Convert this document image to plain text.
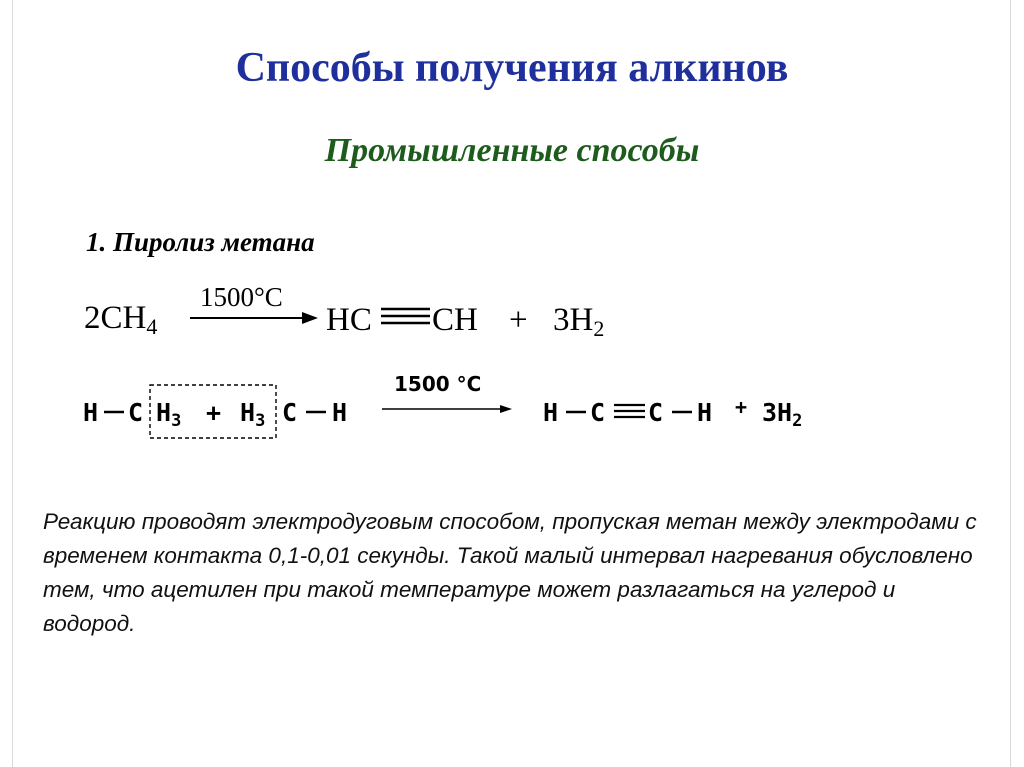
Способы получения алкинов
Промышленные способы
1. Пиролиз метана
$2CH_4$
1500°C
HC CH + $3H_2$
H C $H_3 + H_3$ C H
1500 °C
H C C $H + 3H_2$
Реакцию проводят электродуговым способом, пропуская метан между электродами с временем контакта 0,1-0,01 секунды. Такой малый интервал нагревания обусловлено тем, что ацетилен при такой температуре может разлагаться на углерод и водород.
